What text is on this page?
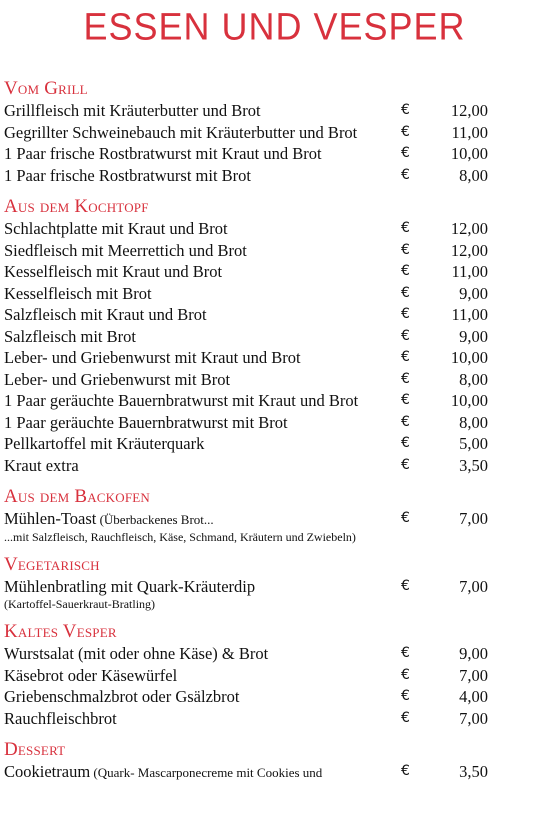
ESSEN UND VESPER
Vom Grill
Grillfleisch mit Kräuterbutter und Brot	€	12,00
Gegrillter Schweinebauch mit Kräuterbutter und Brot	€	11,00
1 Paar frische Rostbratwurst mit Kraut und Brot	€	10,00
1 Paar frische Rostbratwurst mit Brot	€	8,00
Aus dem Kochtopf
Schlachtplatte mit Kraut und Brot	€	12,00
Siedfleisch mit Meerrettich und Brot	€	12,00
Kesselfleisch mit Kraut und Brot	€	11,00
Kesselfleisch mit Brot	€	9,00
Salzfleisch mit Kraut und Brot	€	11,00
Salzfleisch mit Brot	€	9,00
Leber- und Griebenwurst mit Kraut und Brot	€	10,00
Leber- und Griebenwurst mit Brot	€	8,00
1 Paar geräuchte Bauernbratwurst mit Kraut und Brot	€	10,00
1 Paar geräuchte Bauernbratwurst mit Brot	€	8,00
Pellkartoffel mit Kräuterquark	€	5,00
Kraut extra	€	3,50
Aus dem Backofen
Mühlen-Toast (Überbackenes Brot...	€	7,00
...mit Salzfleisch, Rauchfleisch, Käse, Schmand, Kräutern und Zwiebeln)
Vegetarisch
Mühlenbratling mit Quark-Kräuterdip	€	7,00
(Kartoffel-Sauerkraut-Bratling)
Kaltes Vesper
Wurstsalat (mit oder ohne Käse) & Brot	€	9,00
Käsebrot oder Käsewürfel	€	7,00
Griebenschmalzbrot oder Gsälzbrot	€	4,00
Rauchfleischbrot	€	7,00
Dessert
Cookietraum (Quark- Mascarponecreme mit Cookies und	€	3,50
